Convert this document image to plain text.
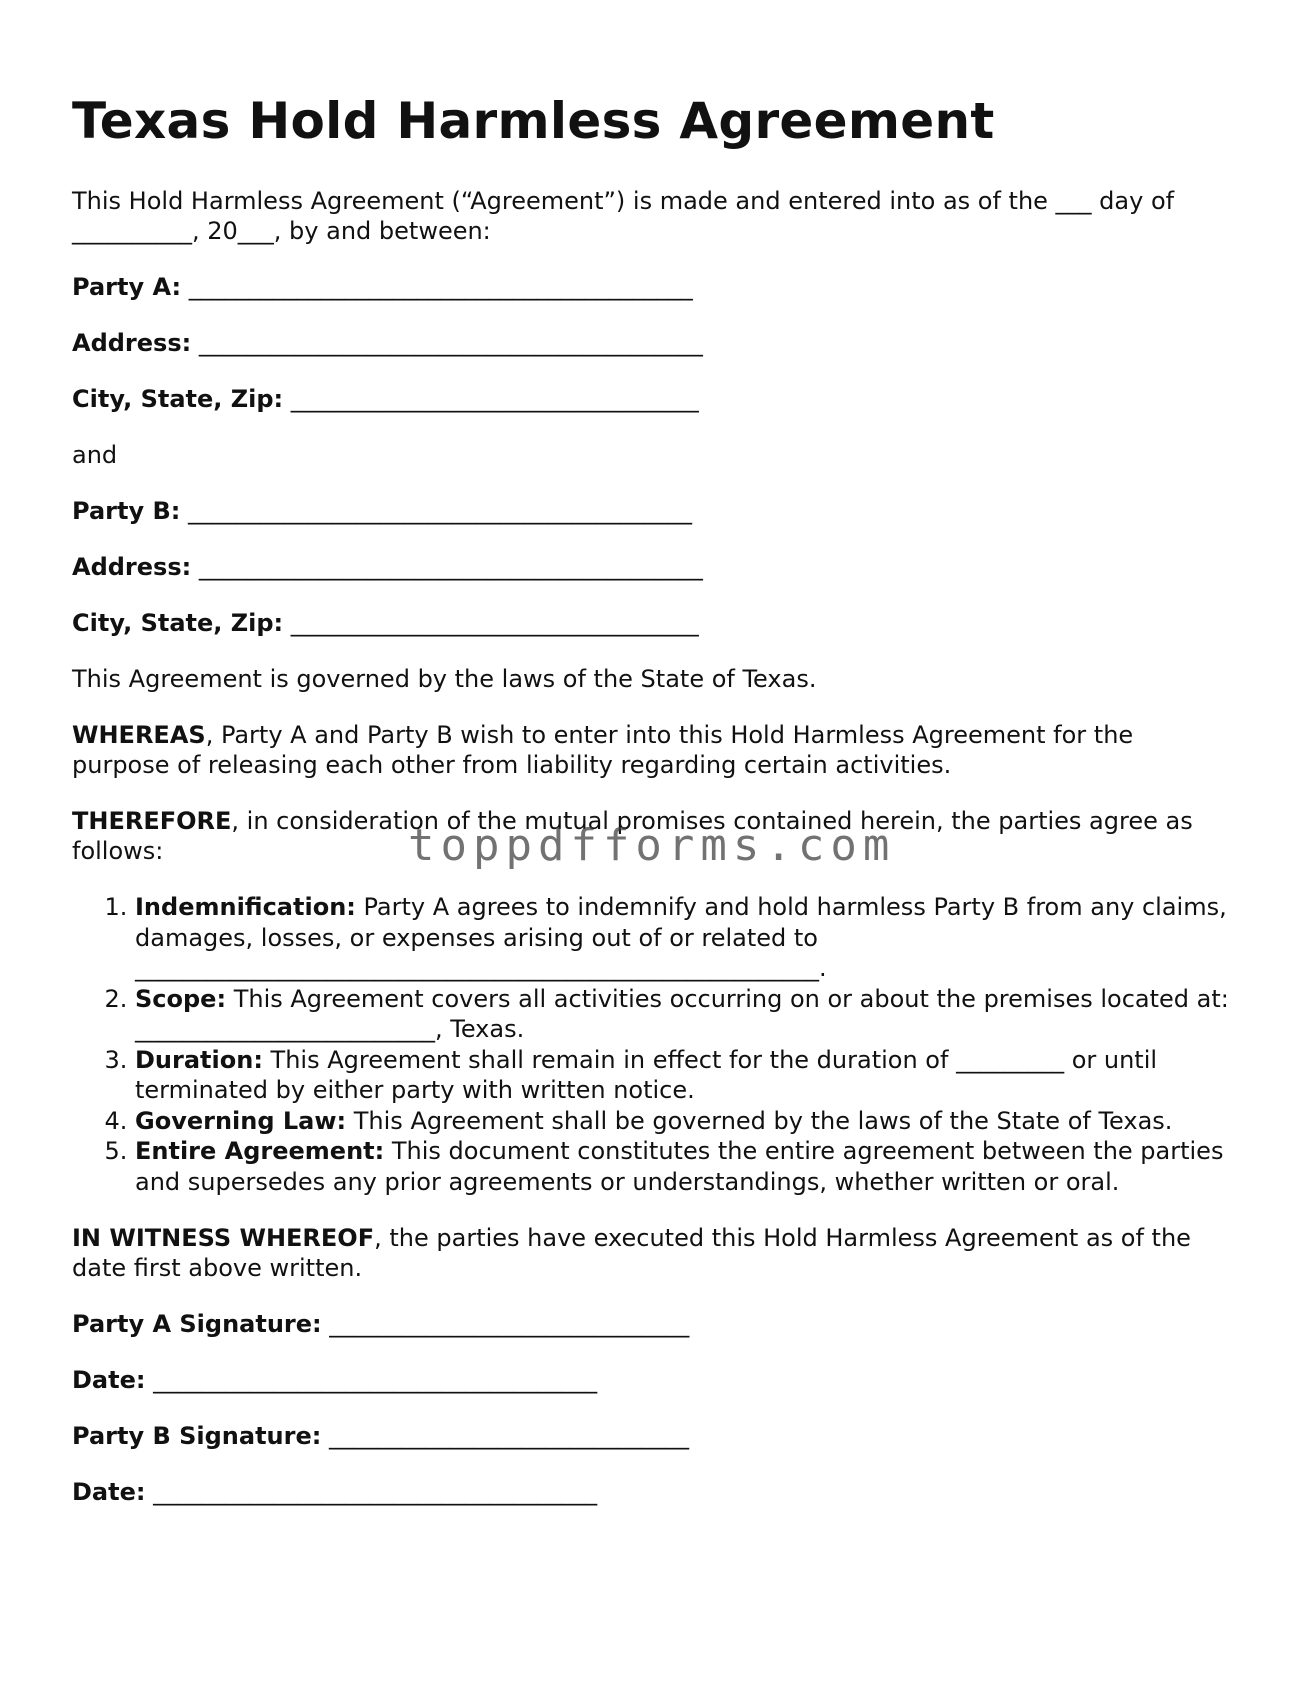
Texas Hold Harmless Agreement

This Hold Harmless Agreement (“Agreement”) is made and entered into as of the ___ day of __________, 20___, by and between:

Party A: __________________________________________

Address: __________________________________________

City, State, Zip: __________________________________

and

Party B: __________________________________________

Address: __________________________________________

City, State, Zip: __________________________________

This Agreement is governed by the laws of the State of Texas.

WHEREAS, Party A and Party B wish to enter into this Hold Harmless Agreement for the purpose of releasing each other from liability regarding certain activities.

THEREFORE, in consideration of the mutual promises contained herein, the parties agree as follows:

1. Indemnification: Party A agrees to indemnify and hold harmless Party B from any claims, damages, losses, or expenses arising out of or related to _________________________________________________________.
2. Scope: This Agreement covers all activities occurring on or about the premises located at: _________________________, Texas.
3. Duration: This Agreement shall remain in effect for the duration of _________ or until terminated by either party with written notice.
4. Governing Law: This Agreement shall be governed by the laws of the State of Texas.
5. Entire Agreement: This document constitutes the entire agreement between the parties and supersedes any prior agreements or understandings, whether written or oral.

IN WITNESS WHEREOF, the parties have executed this Hold Harmless Agreement as of the date first above written.

Party A Signature: ______________________________

Date: _____________________________________

Party B Signature: ______________________________

Date: _____________________________________

toppdfforms.com
